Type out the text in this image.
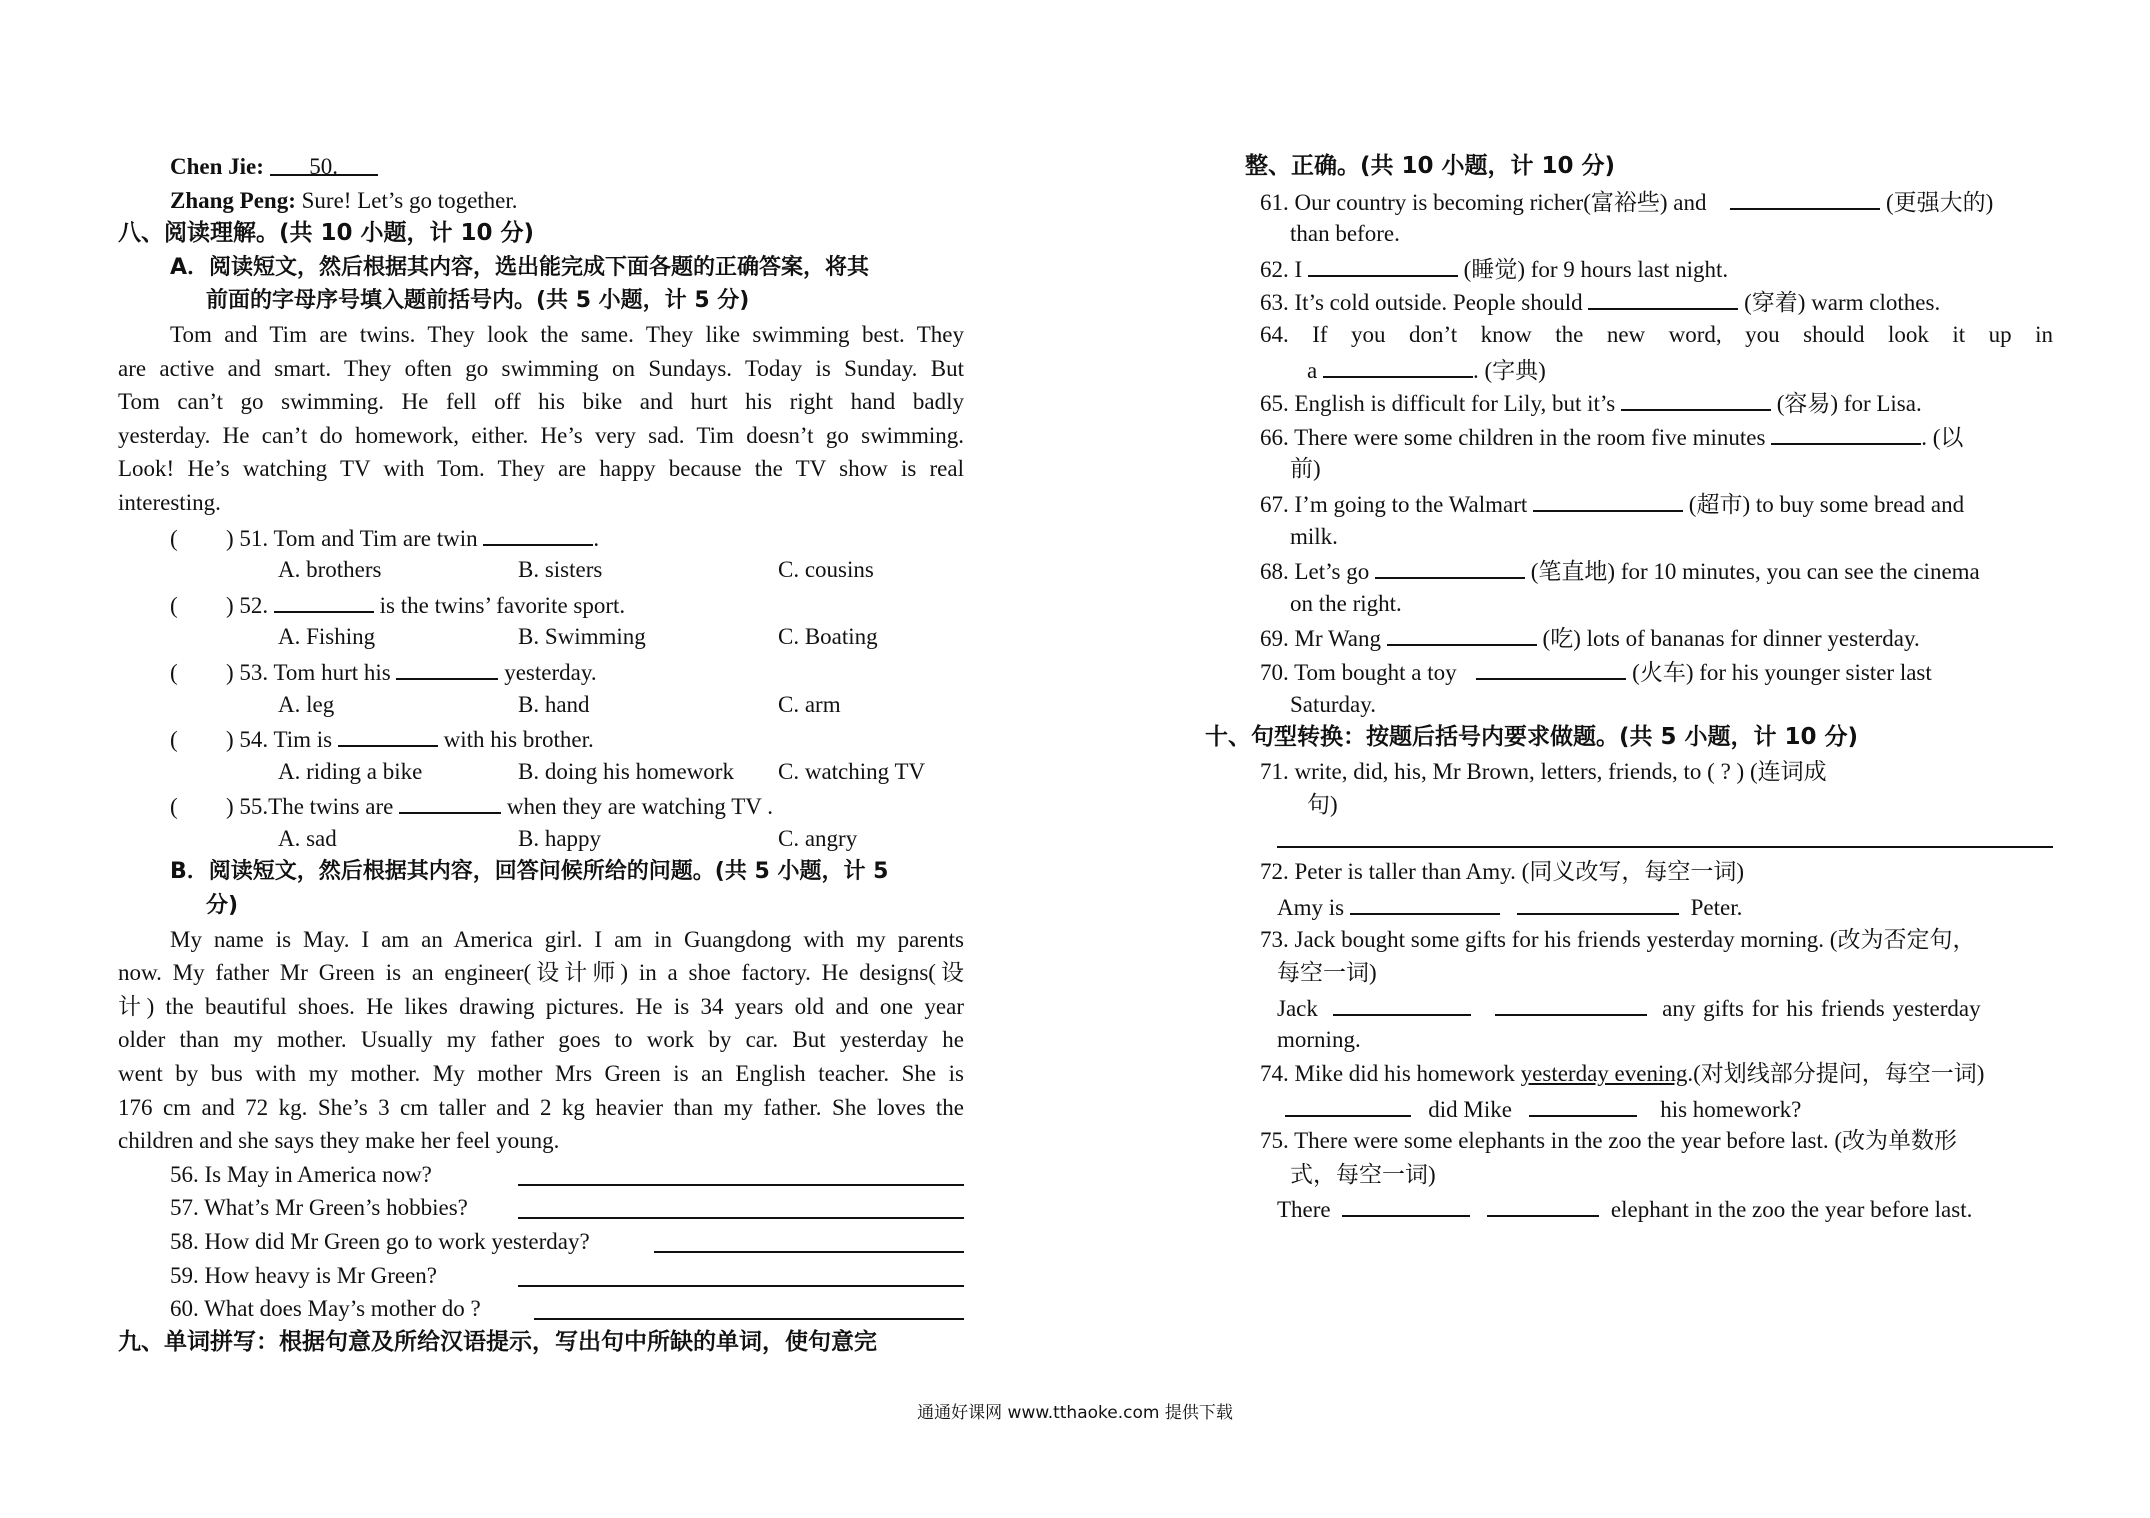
Chen Jie: 50.
Zhang Peng: Sure! Let’s go together.
八、阅读理解。(共 10 小题，计 10 分)
A．阅读短文，然后根据其内容，选出能完成下面各题的正确答案，将其
前面的字母序号填入题前括号内。(共 5 小题，计 5 分)
Tom and Tim are twins. They look the same. They like swimming best. They
are active and smart. They often go swimming on Sundays. Today is Sunday. But
Tom can’t go swimming. He fell off his bike and hurt his right hand badly
yesterday. He can’t do homework, either. He’s very sad. Tim doesn’t go swimming.
Look! He’s watching TV with Tom. They are happy because the TV show is real
interesting.
( ) 51. Tom and Tim are twin	.
A. brothers	B. sisters	C. cousins
( ) 52.	is the twins’ favorite sport.
A. Fishing	B. Swimming	C. Boating
( ) 53. Tom hurt his	yesterday.
A. leg	B. hand	C. arm
( ) 54. Tim is	with his brother.
A. riding a bike	B. doing his homework C. watching TV
( ) 55.The twins are	when they are watching TV .
A. sad	B. happy	C. angry
B．阅读短文，然后根据其内容，回答问候所给的问题。(共 5 小题，计 5
分)
My name is May. I am an America girl. I am in Guangdong with my parents
now. My father Mr Green is an engineer(设计师) in a shoe factory. He designs(设
计) the beautiful shoes. He likes drawing pictures. He is 34 years old and one year
older than my mother. Usually my father goes to work by car. But yesterday he
went by bus with my mother. My mother Mrs Green is an English teacher. She is
176 cm and 72 kg. She’s 3 cm taller and 2 kg heavier than my father. She loves the
children and she says they make her feel young.
56. Is May in America now?
57. What’s Mr Green’s hobbies?
58. How did Mr Green go to work yesterday?
59. How heavy is Mr Green?
60. What does May’s mother do ?
九、单词拼写：根据句意及所给汉语提示，写出句中所缺的单词，使句意完
整、正确。(共 10 小题，计 10 分)
61. Our country is becoming richer(富裕些) and	(更强大的)
than before.
62. I	(睡觉) for 9 hours last night.
63. It’s cold outside. People should	(穿着) warm clothes.
64. If you don’t know the new word, you should look it up in
a	. (字典)
65. English is difficult for Lily, but it’s	(容易) for Lisa.
66. There were some children in the room five minutes	. (以
前)
67. I’m going to the Walmart	(超市) to buy some bread and
milk.
68. Let’s go	(笔直地) for 10 minutes, you can see the cinema
on the right.
69. Mr Wang	(吃) lots of bananas for dinner yesterday.
70. Tom bought a toy	(火车) for his younger sister last
Saturday.
十、句型转换：按题后括号内要求做题。(共 5 小题，计 10 分)
71. write, did, his, Mr Brown, letters, friends, to ( ? ) (连词成
句)
72. Peter is taller than Amy. (同义改写，每空一词)
Amy is	Peter.
73. Jack bought some gifts for his friends yesterday morning. (改为否定句，
每空一词)
Jack	any gifts for his friends yesterday
morning.
74. Mike did his homework yesterday evening.(对划线部分提问，每空一词)
did Mike	his homework?
75. There were some elephants in the zoo the year before last. (改为单数形
式，每空一词)
There	elephant in the zoo the year before last.
通通好课网 www.tthaoke.com 提供下载
